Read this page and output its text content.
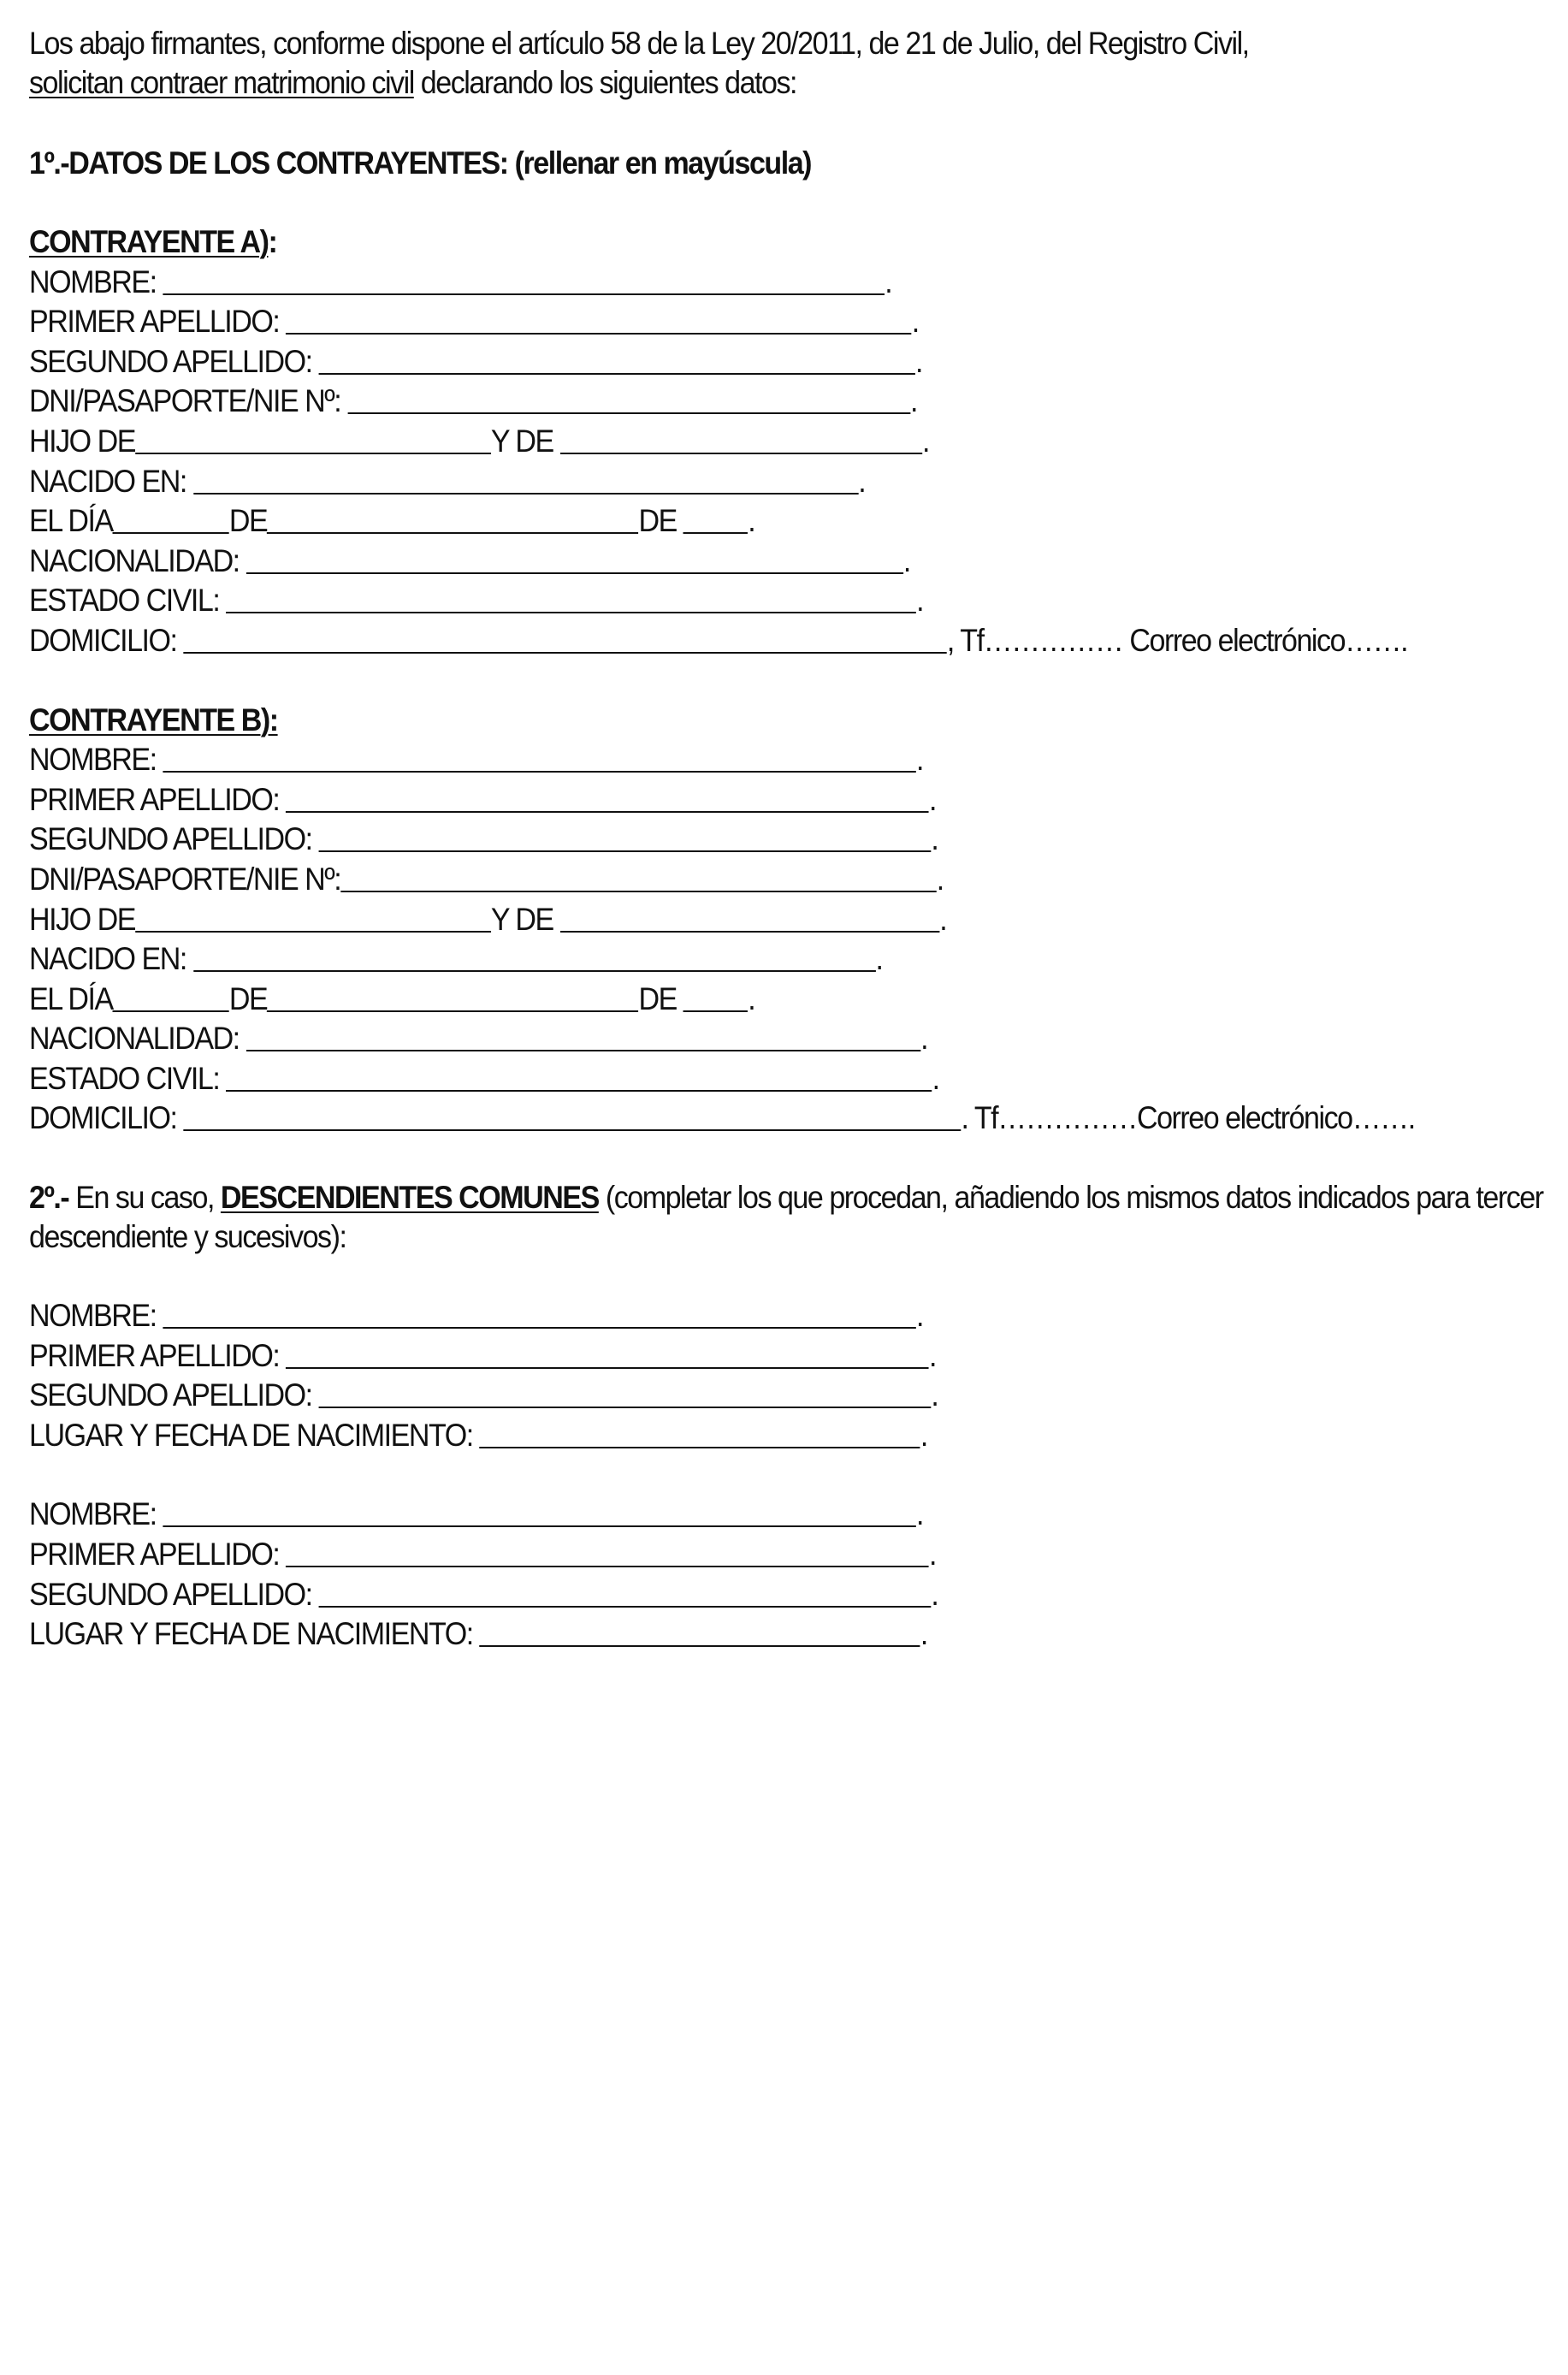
Los abajo firmantes, conforme dispone el artículo 58 de la Ley 20/2011, de 21 de Julio, del Registro Civil,
solicitan contraer matrimonio civil declarando los siguientes datos:

1º.-DATOS DE LOS CONTRAYENTES: (rellenar en mayúscula)
CONTRAYENTE A):
NOMBRE:	.
PRIMER APELLIDO:	.
SEGUNDO APELLIDO:	.
DNI/PASAPORTE/NIE Nº:	.
HIJO DE	Y DE	.
NACIDO EN:	.
EL DÍA	DE	DE .
NACIONALIDAD:	.
ESTADO CIVIL:	.
DOMICILIO:	, Tf…………… Correo electrónico…….
CONTRAYENTE B):
NOMBRE:	.
PRIMER APELLIDO:	.
SEGUNDO APELLIDO:	.
DNI/PASAPORTE/NIE Nº:	.
HIJO DE	Y DE	.
NACIDO EN:	.
EL DÍA	DE	DE .
NACIONALIDAD:	.
ESTADO CIVIL:	.
DOMICILIO:	. Tf……………Correo electrónico…….

2º.- En su caso, DESCENDIENTES COMUNES (completar los que procedan, añadiendo los mismos datos indicados para tercer descendiente y sucesivos):

NOMBRE:	.
PRIMER APELLIDO:	.
SEGUNDO APELLIDO:	.
LUGAR Y FECHA DE NACIMIENTO:	.
NOMBRE:	.
PRIMER APELLIDO:	.
SEGUNDO APELLIDO:	.
LUGAR Y FECHA DE NACIMIENTO:	.
